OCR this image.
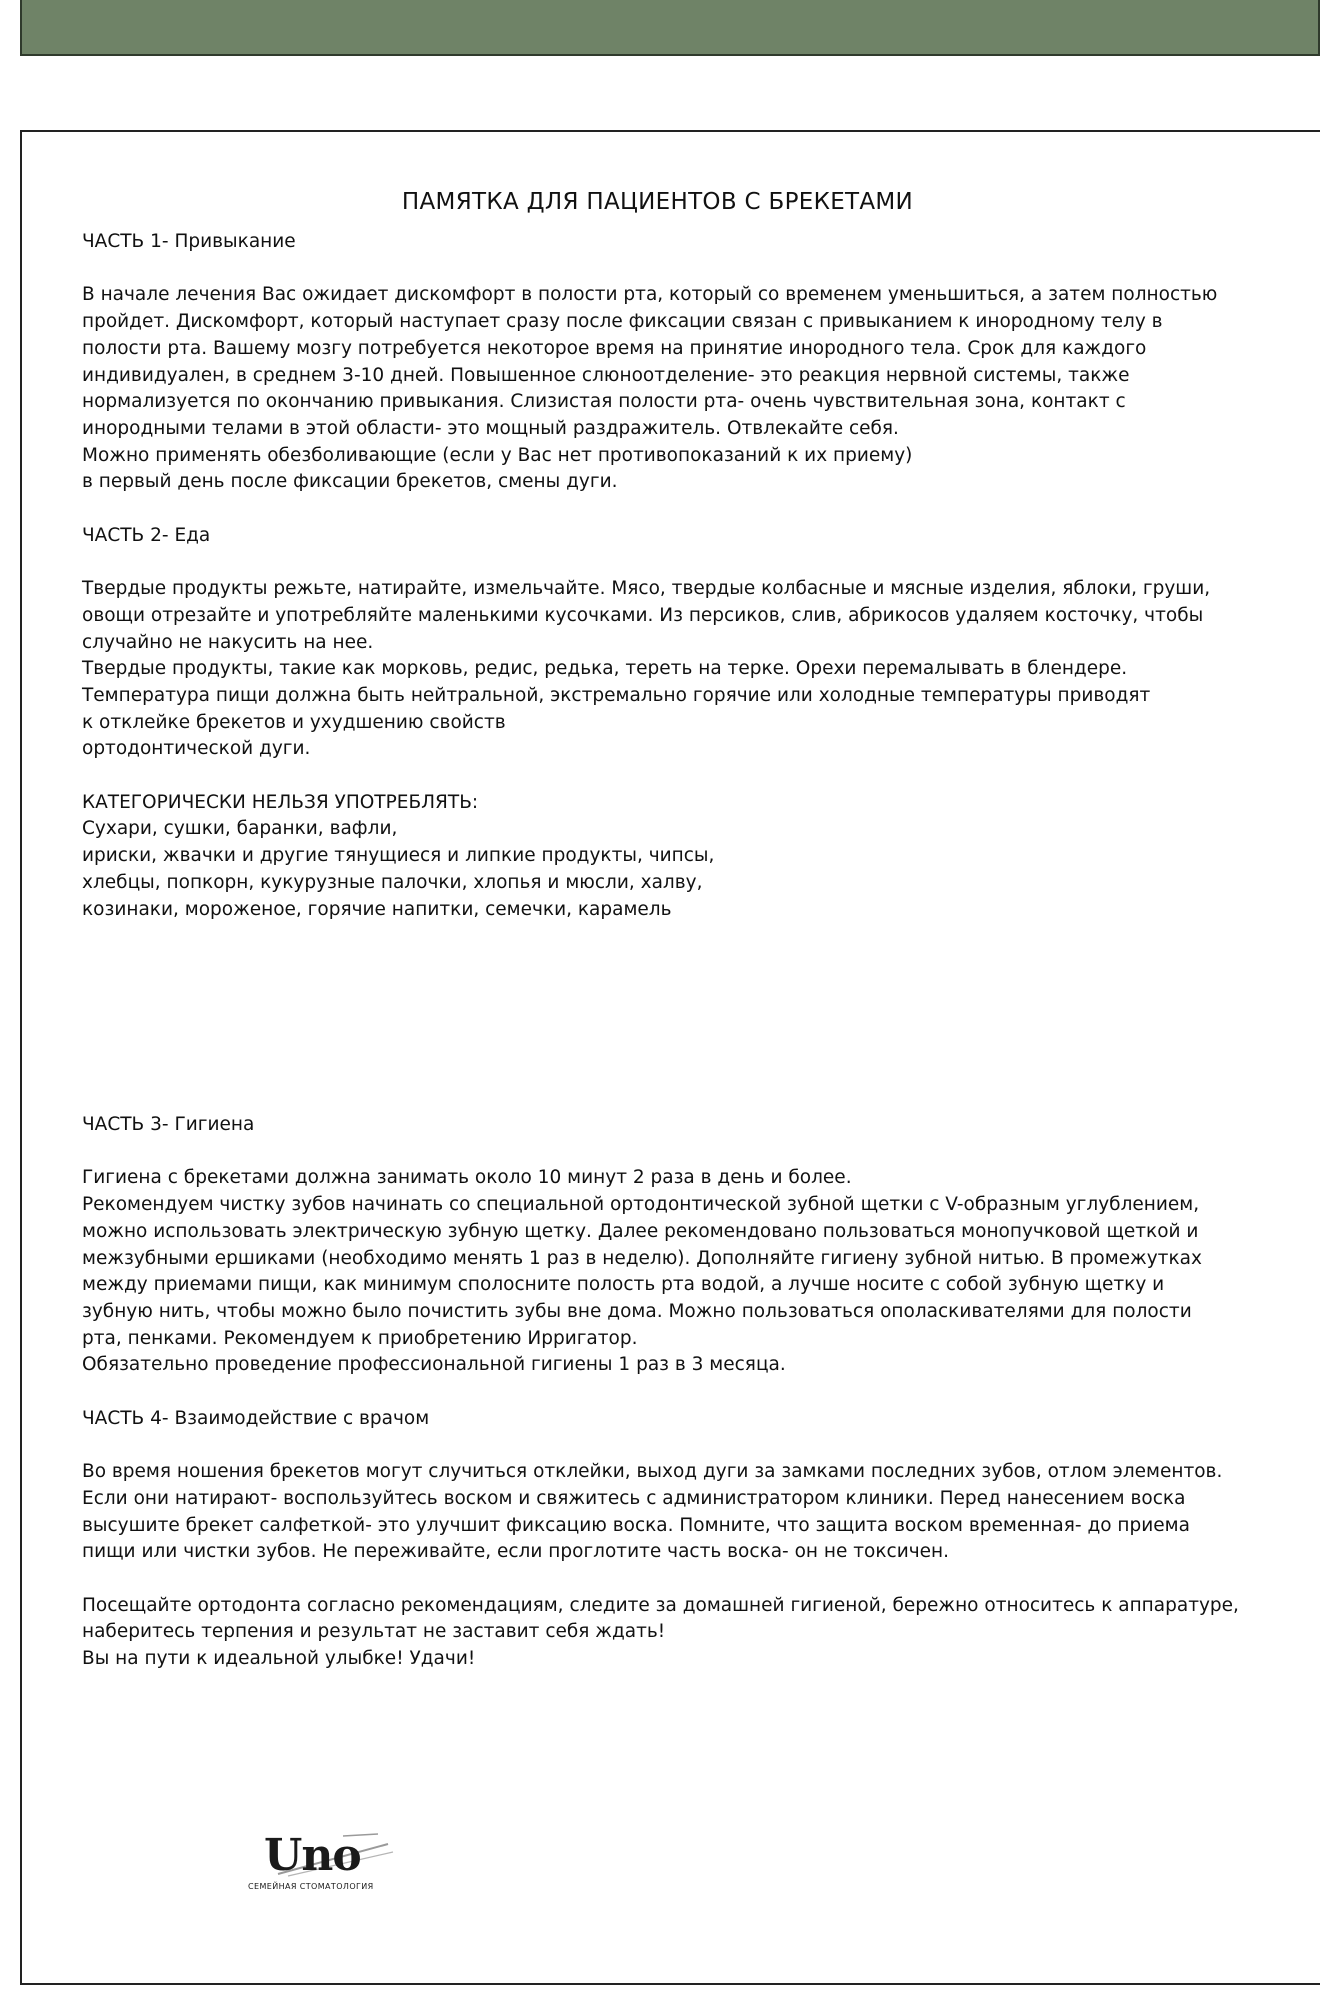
ПАМЯТКА ДЛЯ ПАЦИЕНТОВ С БРЕКЕТАМИ
ЧАСТЬ 1- Привыкание
В начале лечения Вас ожидает дискомфорт в полости рта, который со временем уменьшиться, а затем полностью
пройдет. Дискомфорт, который наступает сразу после фиксации связан с привыканием к инородному телу в
полости рта. Вашему мозгу потребуется некоторое время на принятие инородного тела. Срок для каждого
индивидуален, в среднем 3-10 дней. Повышенное слюноотделение- это реакция нервной системы, также
нормализуется по окончанию привыкания. Слизистая полости рта- очень чувствительная зона, контакт с
инородными телами в этой области- это мощный раздражитель. Отвлекайте себя.
Можно применять обезболивающие (если у Вас нет противопоказаний к их приему)
в первый день после фиксации брекетов, смены дуги.
ЧАСТЬ 2- Еда
Твердые продукты режьте, натирайте, измельчайте. Мясо, твердые колбасные и мясные изделия, яблоки, груши,
овощи отрезайте и употребляйте маленькими кусочками. Из персиков, слив, абрикосов удаляем косточку, чтобы
случайно не накусить на нее.
Твердые продукты, такие как морковь, редис, редька, тереть на терке. Орехи перемалывать в блендере.
Температура пищи должна быть нейтральной, экстремально горячие или холодные температуры приводят
к отклейке брекетов и ухудшению свойств
ортодонтической дуги.
КАТЕГОРИЧЕСКИ НЕЛЬЗЯ УПОТРЕБЛЯТЬ:
Сухари, сушки, баранки, вафли,
ириски, жвачки и другие тянущиеся и липкие продукты, чипсы,
хлебцы, попкорн, кукурузные палочки, хлопья и мюсли, халву,
козинаки, мороженое, горячие напитки, семечки, карамель
ЧАСТЬ 3- Гигиена
Гигиена с брекетами должна занимать около 10 минут 2 раза в день и более.
Рекомендуем чистку зубов начинать со специальной ортодонтической зубной щетки с V-образным углублением,
можно использовать электрическую зубную щетку. Далее рекомендовано пользоваться монопучковой щеткой и
межзубными ершиками (необходимо менять 1 раз в неделю). Дополняйте гигиену зубной нитью. В промежутках
между приемами пищи, как минимум сполосните полость рта водой, а лучше носите с собой зубную щетку и
зубную нить, чтобы можно было почистить зубы вне дома. Можно пользоваться ополаскивателями для полости
рта, пенками. Рекомендуем к приобретению Ирригатор.
Обязательно проведение профессиональной гигиены 1 раз в 3 месяца.
ЧАСТЬ 4- Взаимодействие с врачом
Во время ношения брекетов могут случиться отклейки, выход дуги за замками последних зубов, отлом элементов.
Если они натирают- воспользуйтесь воском и свяжитесь с администратором клиники. Перед нанесением воска
высушите брекет салфеткой- это улучшит фиксацию воска. Помните, что защита воском временная- до приема
пищи или чистки зубов. Не переживайте, если проглотите часть воска- он не токсичен.
Посещайте ортодонта согласно рекомендациям, следите за домашней гигиеной, бережно относитесь к аппаратуре,
наберитесь терпения и результат не заставит себя ждать!
Вы на пути к идеальной улыбке! Удачи!
Uno
СЕМЕЙНАЯ СТОМАТОЛОГИЯ
